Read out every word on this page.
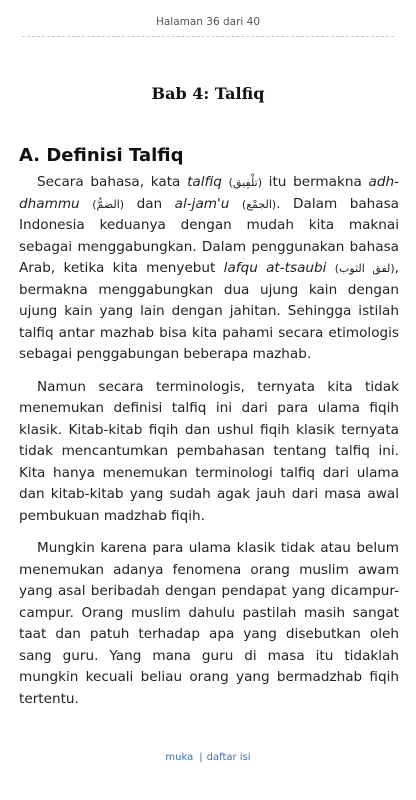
Halaman 36 dari 40
Bab 4: Talfiq
A. Definisi Talfiq

Secara bahasa, kata talfiq (تلْفِيق) itu bermakna adh-dhammu (الضمُّ) dan al-jam'u (الجمْع). Dalam bahasa Indonesia keduanya dengan mudah kita maknai sebagai menggabungkan. Dalam penggunakan bahasa Arab, ketika kita menyebut lafqu at-tsaubi (لفق الثوب), bermakna menggabungkan dua ujung kain dengan ujung kain yang lain dengan jahitan. Sehingga istilah talfiq antar mazhab bisa kita pahami secara etimologis sebagai penggabungan beberapa mazhab.

Namun secara terminologis, ternyata kita tidak menemukan definisi talfiq ini dari para ulama fiqih klasik. Kitab-kitab fiqih dan ushul fiqih klasik ternyata tidak mencantumkan pembahasan tentang talfiq ini. Kita hanya menemukan terminologi talfiq dari ulama dan kitab-kitab yang sudah agak jauh dari masa awal pembukuan madzhab fiqih.

Mungkin karena para ulama klasik tidak atau belum menemukan adanya fenomena orang muslim awam yang asal beribadah dengan pendapat yang dicampur-campur. Orang muslim dahulu pastilah masih sangat taat dan patuh terhadap apa yang disebutkan oleh sang guru. Yang mana guru di masa itu tidaklah mungkin kecuali beliau orang yang bermadzhab fiqih tertentu.

muka | daftar isi
